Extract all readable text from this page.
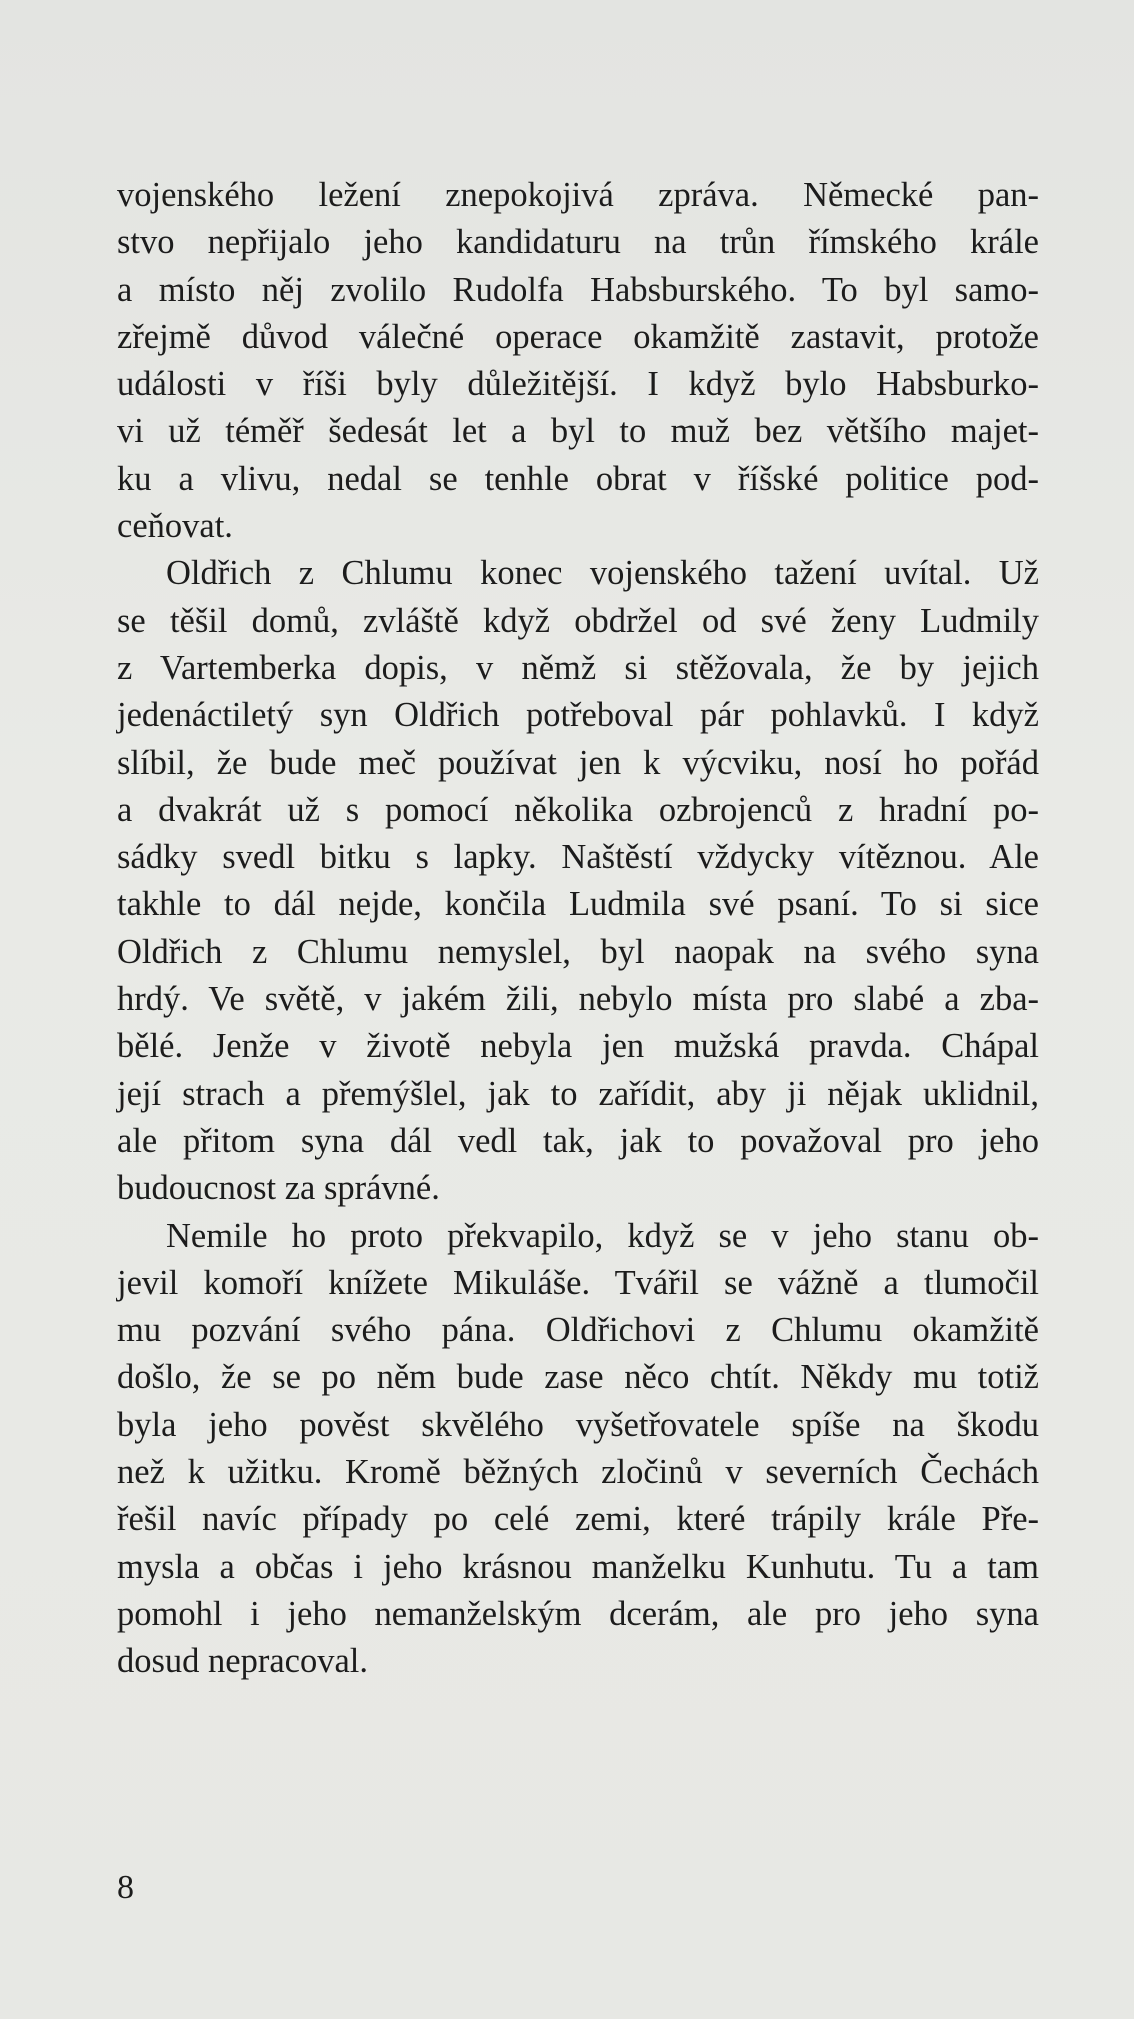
vojenského ležení znepokojivá zpráva. Německé pan-
stvo nepřijalo jeho kandidaturu na trůn římského krále
a místo něj zvolilo Rudolfa Habsburského. To byl samo-
zřejmě důvod válečné operace okamžitě zastavit, protože
události v říši byly důležitější. I když bylo Habsburko-
vi už téměř šedesát let a byl to muž bez většího majet-
ku a vlivu, nedal se tenhle obrat v říšské politice pod-
ceňovat.

Oldřich z Chlumu konec vojenského tažení uvítal. Už
se těšil domů, zvláště když obdržel od své ženy Ludmily
z Vartemberka dopis, v němž si stěžovala, že by jejich
jedenáctiletý syn Oldřich potřeboval pár pohlavků. I když
slíbil, že bude meč používat jen k výcviku, nosí ho pořád
a dvakrát už s pomocí několika ozbrojenců z hradní po-
sádky svedl bitku s lapky. Naštěstí vždycky vítěznou. Ale
takhle to dál nejde, končila Ludmila své psaní. To si sice
Oldřich z Chlumu nemyslel, byl naopak na svého syna
hrdý. Ve světě, v jakém žili, nebylo místa pro slabé a zba-
bělé. Jenže v životě nebyla jen mužská pravda. Chápal
její strach a přemýšlel, jak to zařídit, aby ji nějak uklidnil,
ale přitom syna dál vedl tak, jak to považoval pro jeho
budoucnost za správné.

Nemile ho proto překvapilo, když se v jeho stanu ob-
jevil komoří knížete Mikuláše. Tvářil se vážně a tlumočil
mu pozvání svého pána. Oldřichovi z Chlumu okamžitě
došlo, že se po něm bude zase něco chtít. Někdy mu totiž
byla jeho pověst skvělého vyšetřovatele spíše na škodu
než k užitku. Kromě běžných zločinů v severních Čechách
řešil navíc případy po celé zemi, které trápily krále Pře-
mysla a občas i jeho krásnou manželku Kunhutu. Tu a tam
pomohl i jeho nemanželským dcerám, ale pro jeho syna
dosud nepracoval.

8
